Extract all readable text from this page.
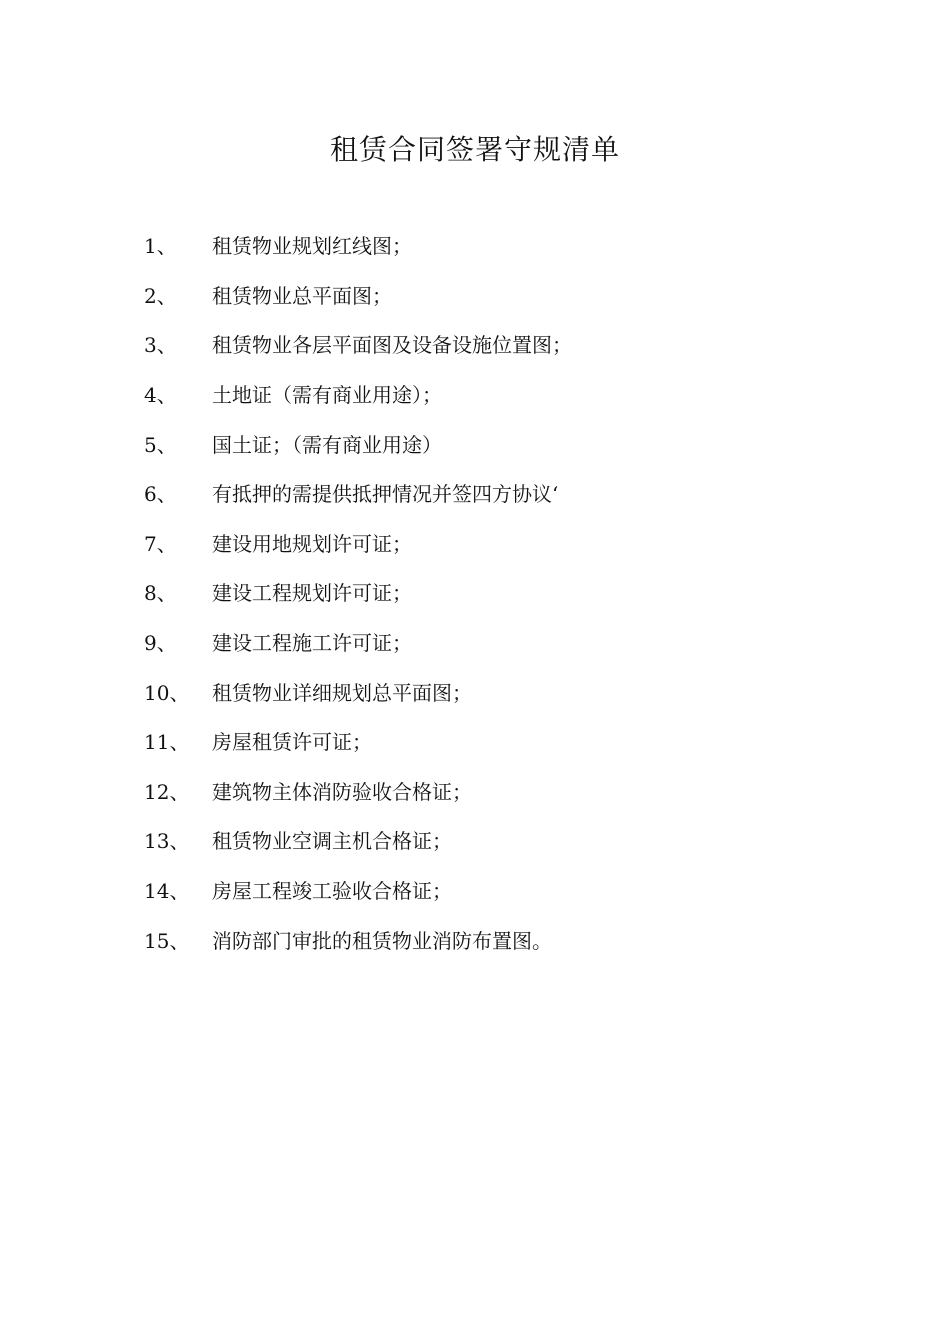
租赁合同签署守规清单
1、	租赁物业规划红线图；
2、	租赁物业总平面图；
3、	租赁物业各层平面图及设备设施位置图；
4、	土地证（需有商业用途）；
5、	国土证；（需有商业用途）
6、	有抵押的需提供抵押情况并签四方协议‘
7、	建设用地规划许可证；
8、	建设工程规划许可证；
9、	建设工程施工许可证；
10、	租赁物业详细规划总平面图；
11、	房屋租赁许可证；
12、	建筑物主体消防验收合格证；
13、	租赁物业空调主机合格证；
14、	房屋工程竣工验收合格证；
15、	消防部门审批的租赁物业消防布置图。
